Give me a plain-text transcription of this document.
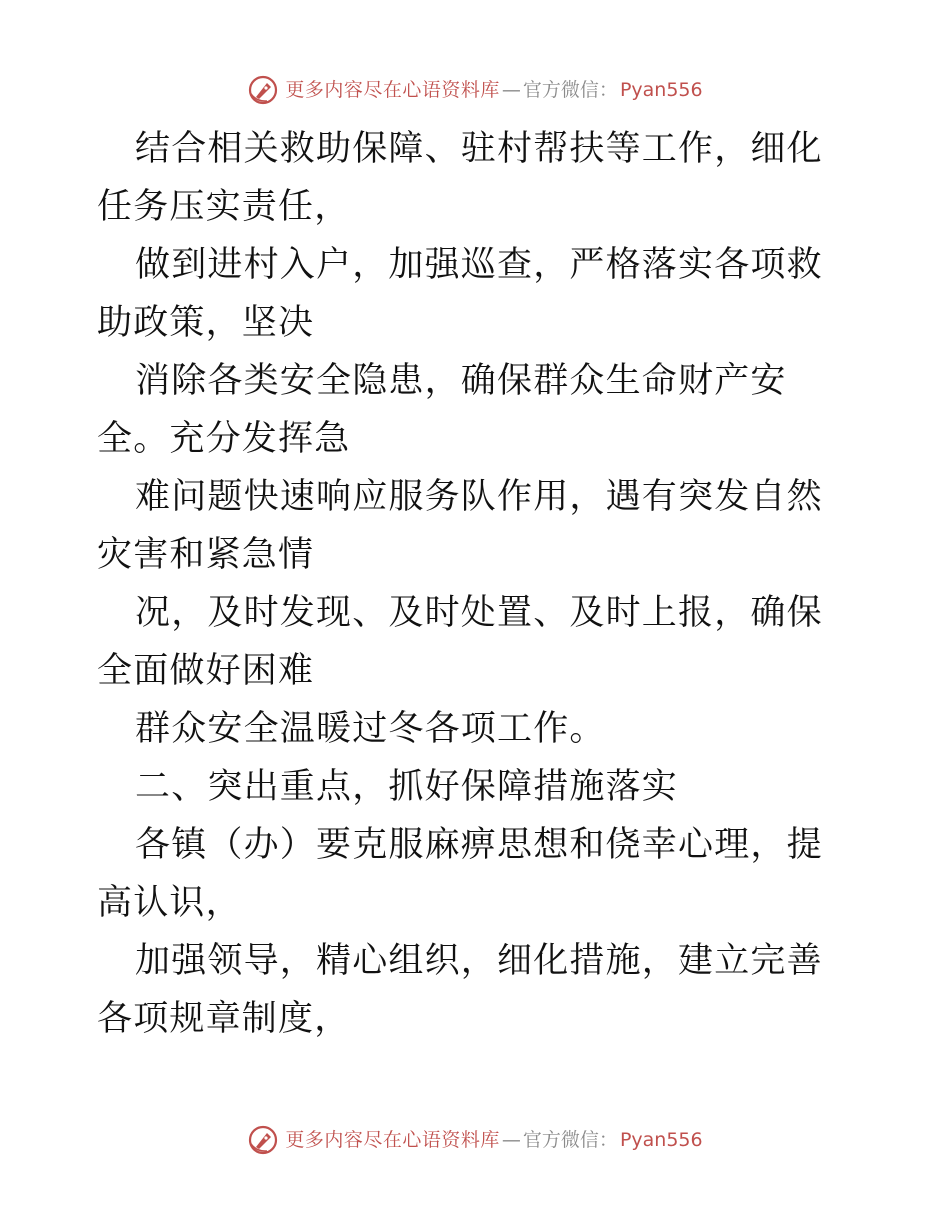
更多内容尽在心语资料库 — 官方微信： Pyan556

结合相关救助保障、驻村帮扶等工作，细化任务压实责任，

做到进村入户，加强巡查，严格落实各项救助政策，坚决

消除各类安全隐患，确保群众生命财产安全。充分发挥急

难问题快速响应服务队作用，遇有突发自然灾害和紧急情

况，及时发现、及时处置、及时上报，确保全面做好困难

群众安全温暖过冬各项工作。

二、突出重点，抓好保障措施落实

各镇（办）要克服麻痹思想和侥幸心理，提高认识，

加强领导，精心组织，细化措施，建立完善各项规章制度，

更多内容尽在心语资料库 — 官方微信： Pyan556
